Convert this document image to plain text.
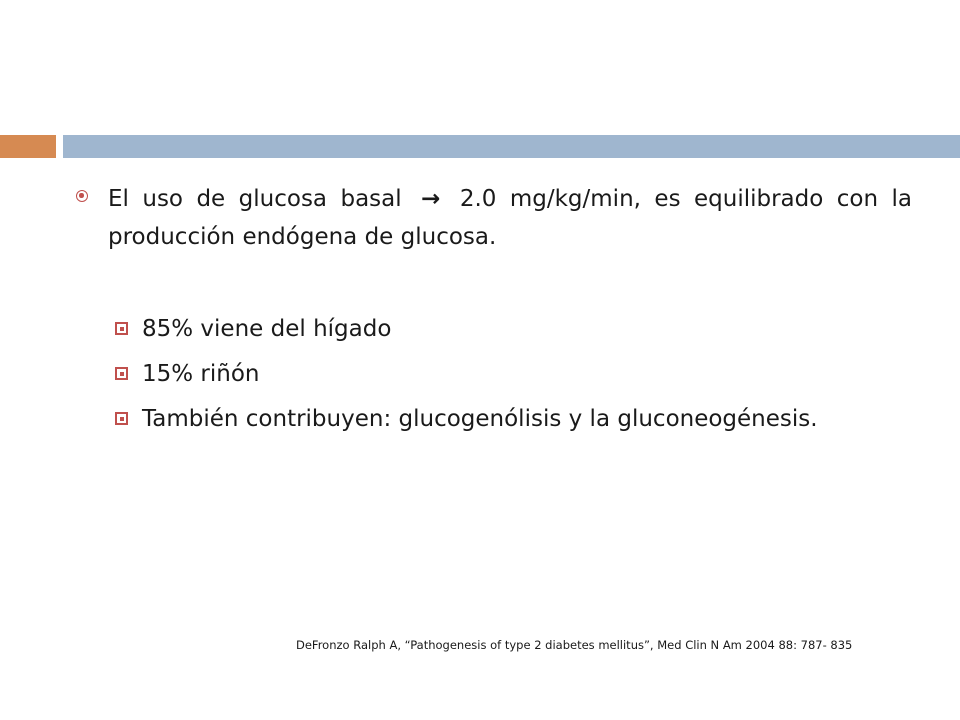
El uso de glucosa basal → 2.0 mg/kg/min, es equilibrado con la producción endógena de glucosa.
85% viene del hígado
15% riñón
También contribuyen: glucogenólisis y la gluconeogénesis.
DeFronzo Ralph A, “Pathogenesis of type 2 diabetes mellitus”, Med Clin N Am 2004 88: 787- 835
